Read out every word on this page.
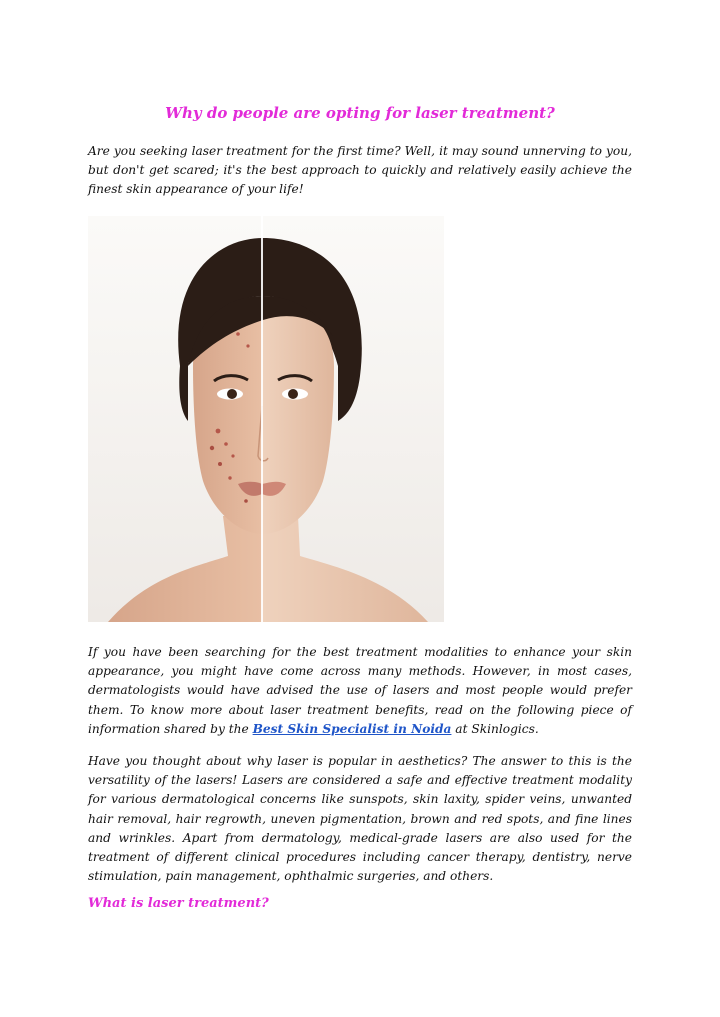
Why do people are opting for laser treatment?

Are you seeking laser treatment for the first time? Well, it may sound unnerving to you, but don't get scared; it's the best approach to quickly and relatively easily achieve the finest skin appearance of your life!

If you have been searching for the best treatment modalities to enhance your skin appearance, you might have come across many methods. However, in most cases, dermatologists would have advised the use of lasers and most people would prefer them. To know more about laser treatment benefits, read on the following piece of information shared by the Best Skin Specialist in Noida at Skinlogics.

Have you thought about why laser is popular in aesthetics? The answer to this is the versatility of the lasers! Lasers are considered a safe and effective treatment modality for various dermatological concerns like sunspots, skin laxity, spider veins, unwanted hair removal, hair regrowth, uneven pigmentation, brown and red spots, and fine lines and wrinkles. Apart from dermatology, medical-grade lasers are also used for the treatment of different clinical procedures including cancer therapy, dentistry, nerve stimulation, pain management, ophthalmic surgeries, and others.

What is laser treatment?
